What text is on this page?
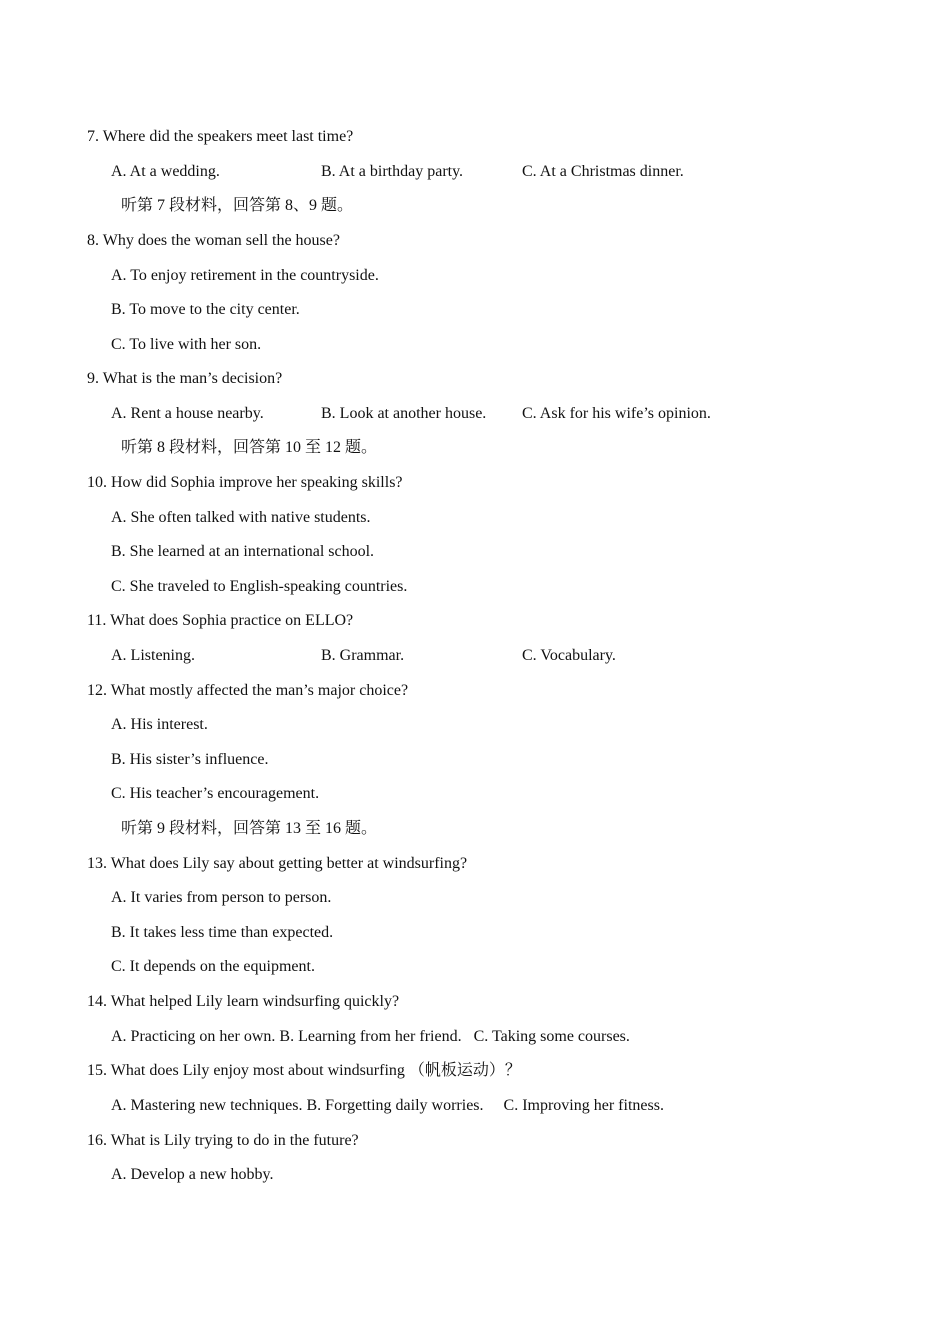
7. Where did the speakers meet last time?
A. At a wedding.	B. At a birthday party.	C. At a Christmas dinner.
听第 7 段材料，回答第 8、9 题。
8. Why does the woman sell the house?
A. To enjoy retirement in the countryside.
B. To move to the city center.
C. To live with her son.
9. What is the man’s decision?
A. Rent a house nearby.	B. Look at another house. C. Ask for his wife’s opinion.
听第 8 段材料，回答第 10 至 12 题。
10. How did Sophia improve her speaking skills?
A. She often talked with native students.
B. She learned at an international school.
C. She traveled to English-speaking countries.
11. What does Sophia practice on ELLO?
A. Listening.	B. Grammar.	C. Vocabulary.
12. What mostly affected the man’s major choice?
A. His interest.
B. His sister’s influence.
C. His teacher’s encouragement.
听第 9 段材料，回答第 13 至 16 题。
13. What does Lily say about getting better at windsurfing?
A. It varies from person to person.
B. It takes less time than expected.
C. It depends on the equipment.
14. What helped Lily learn windsurfing quickly?
A. Practicing on her own. B. Learning from her friend.   C. Taking some courses.
15. What does Lily enjoy most about windsurfing （帆板运动）？
A. Mastering new techniques. B. Forgetting daily worries.     C. Improving her fitness.
16. What is Lily trying to do in the future?
A. Develop a new hobby.
